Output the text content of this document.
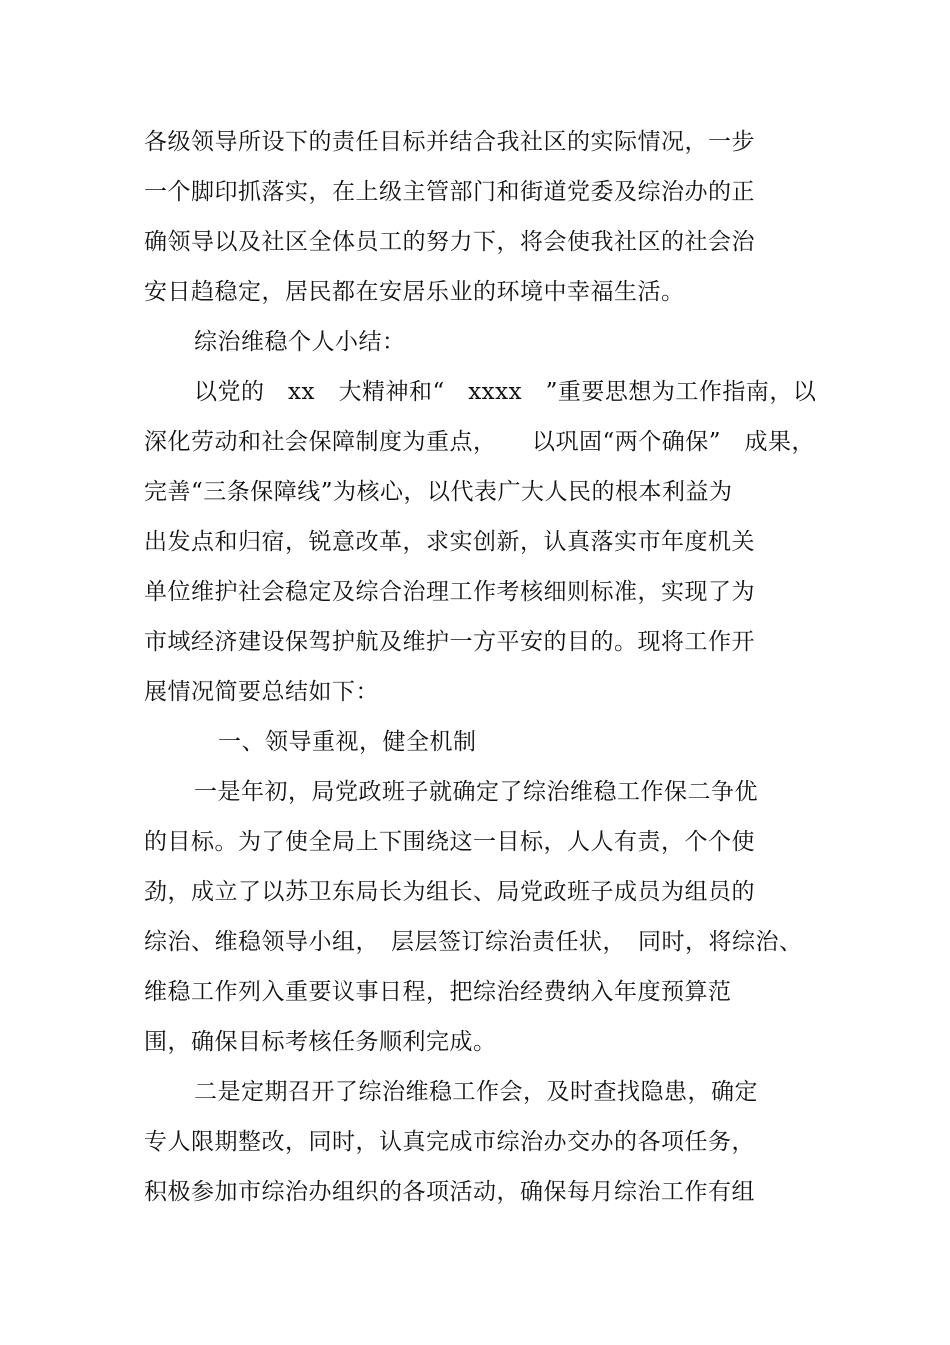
各级领导所设下的责任目标并结合我社区的实际情况，一步
一个脚印抓落实，在上级主管部门和街道党委及综治办的正
确领导以及社区全体员工的努力下，将会使我社区的社会治
安日趋稳定，居民都在安居乐业的环境中幸福生活。
综治维稳个人小结：
以党的　xx　大精神和“　xxxx　”重要思想为工作指南，以
深化劳动和社会保障制度为重点，　　以巩固“两个确保”　成果，
完善“三条保障线”为核心，以代表广大人民的根本利益为
出发点和归宿，锐意改革，求实创新，认真落实市年度机关
单位维护社会稳定及综合治理工作考核细则标准，实现了为
市域经济建设保驾护航及维护一方平安的目的。现将工作开
展情况简要总结如下：
一、领导重视，健全机制
一是年初，局党政班子就确定了综治维稳工作保二争优
的目标。为了使全局上下围绕这一目标，人人有责，个个使
劲，成立了以苏卫东局长为组长、局党政班子成员为组员的
综治、维稳领导小组，　层层签订综治责任状，　同时，将综治、
维稳工作列入重要议事日程，把综治经费纳入年度预算范
围，确保目标考核任务顺利完成。
二是定期召开了综治维稳工作会，及时查找隐患，确定
专人限期整改，同时，认真完成市综治办交办的各项任务，
积极参加市综治办组织的各项活动，确保每月综治工作有组
